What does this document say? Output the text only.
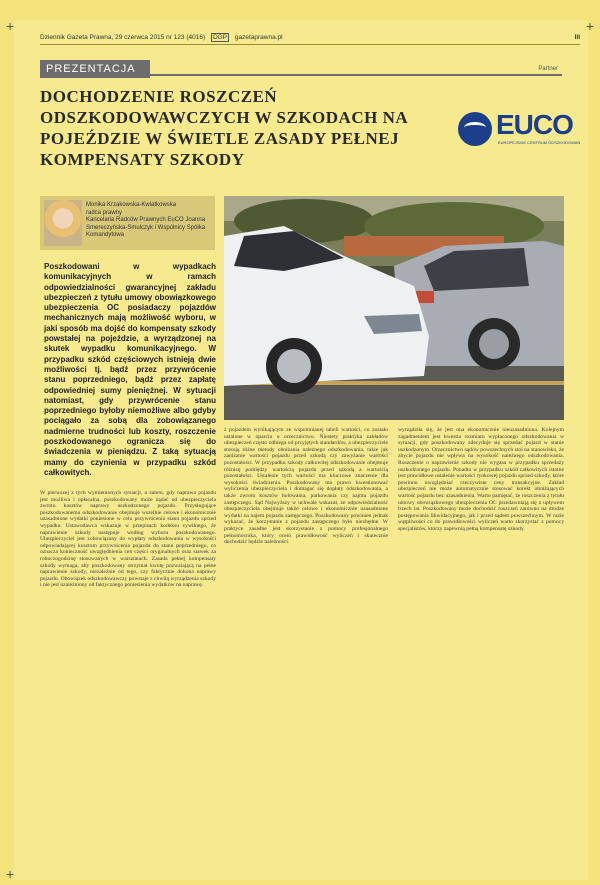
+	+
+
Dziennik Gazeta Prawna, 29 czerwca 2015 nr 123 (4016) DGP gazetaprawna.pl	III
PREZENTACJA	Partner
DOCHODZENIE ROSZCZEŃ ODSZKODOWAWCZYCH W SZKODACH NA POJEŹDZIE W ŚWIETLE ZASADY PEŁNEJ KOMPENSATY SZKODY
EUCO
EUROPEJSKIE CENTRUM ODSZKODOWAŃ
Monika Krzakowska-Kwiatkowska
radca prawny
Kancelaria Radców Prawnych EuCO Joanna Smereczyńska-Smulczyk i Wspólnicy Spółka Komandytowa
Poszkodowani w wypadkach komunikacyjnych w ramach odpowiedzialności gwarancyjnej zakładu ubezpieczeń z tytułu umowy obowiązkowego ubezpieczenia OC posiadaczy pojazdów mechanicznych mają możliwość wyboru, w jaki sposób ma dojść do kompensaty szkody powstałej na pojeździe, a wyrządzonej na skutek wypadku komunikacyjnego. W przypadku szkód częściowych istnieją dwie możliwości tj. bądź przez przywrócenie stanu poprzedniego, bądź przez zapłatę odpowiedniej sumy pieniężnej. W sytuacji natomiast, gdy przywrócenie stanu poprzedniego byłoby niemożliwe albo gdyby pociągało za sobą dla zobowiązanego nadmierne trudności lub koszty, roszczenie poszkodowanego ogranicza się do świadczenia w pieniądzu. Z taką sytuacją mamy do czynienia w przypadku szkód całkowitych.
W pierwszej z tych wymienionych sytuacji, a zatem, gdy naprawa pojazdu jest możliwa i opłacalna, poszkodowany może żądać od ubezpieczyciela zwrotu kosztów naprawy uszkodzonego pojazdu. Przysługujące poszkodowanemu odszkodowanie obejmuje wszelkie celowe i ekonomicznie uzasadnione wydatki poniesione w celu przywrócenia stanu pojazdu sprzed wypadku. Ustawodawca wskazuje w przepisach kodeksu cywilnego, że naprawienie szkody następuje według wyboru poszkodowanego. Ubezpieczyciel jest zobowiązany do wypłaty odszkodowania w wysokości odpowiadającej kosztom przywrócenia pojazdu do stanu poprzedniego, co oznacza konieczność uwzględnienia cen części oryginalnych oraz stawek za roboczogodzinę stosowanych w warsztatach. Zasada pełnej kompensaty szkody wymaga, aby poszkodowany otrzymał kwotę pozwalającą na pełne naprawienie szkody, niezależnie od tego, czy faktycznie dokona naprawy pojazdu. Obowiązek odszkodowawczy powstaje z chwilą wyrządzenia szkody i nie jest uzależniony od faktycznego poniesienia wydatków na naprawę.
z pojazdem wynikającym ze wspomnianej tabeli wartości, co zostało ustalone w oparciu o orzecznictwo. Niestety praktyka zakładów ubezpieczeń często odbiega od przyjętych standardów, a ubezpieczyciele stosują różne metody obniżania należnego odszkodowania, takie jak zaniżanie wartości pojazdu przed szkodą czy zawyżanie wartości pozostałości. W przypadku szkody całkowitej odszkodowanie obejmuje różnicę pomiędzy wartością pojazdu przed szkodą a wartością pozostałości. Ustalenie tych wartości ma kluczowe znaczenie dla wysokości świadczenia. Poszkodowany ma prawo kwestionować wyliczenia ubezpieczyciela i domagać się dopłaty odszkodowania, a także zwrotu kosztów holowania, parkowania czy najmu pojazdu zastępczego. Sąd Najwyższy w uchwale wskazał, że odpowiedzialność ubezpieczyciela obejmuje także celowe i ekonomicznie uzasadnione wydatki na najem pojazdu zastępczego. Poszkodowany powinien jednak wykazać, że korzystanie z pojazdu zastępczego było niezbędne. W praktyce zasadne jest skorzystanie z pomocy profesjonalnego pełnomocnika, który oceni prawidłowość wyliczeń i skutecznie dochodzić będzie należności.
wyrządziła się, że jest ona ekonomicznie nieuzasadniona. Kolejnym zagadnieniem jest kwestia rozmiaru wypłaconego odszkodowania w sytuacji, gdy poszkodowany zdecyduje się sprzedać pojazd w stanie uszkodzonym. Orzecznictwo sądów powszechnych stoi na stanowisku, że zbycie pojazdu nie wpływa na wysokość należnego odszkodowania. Roszczenie o naprawienie szkody nie wygasa w przypadku sprzedaży uszkodzonego pojazdu. Ponadto w przypadku szkód całkowitych istotne jest prawidłowe ustalenie wartości rynkowej pojazdu sprzed szkody, które powinno uwzględniać rzeczywiste ceny transakcyjne. Zakład ubezpieczeń nie może automatycznie stosować korekt obniżających wartość pojazdu bez uzasadnienia. Warto pamiętać, że roszczenia z tytułu umowy obowiązkowego ubezpieczenia OC przedawniają się z upływem trzech lat. Poszkodowany może dochodzić roszczeń zarówno na drodze postępowania likwidacyjnego, jak i przed sądem powszechnym. W razie wątpliwości co do prawidłowości wyliczeń warto skorzystać z pomocy specjalistów, którzy zapewnią pełną kompensatę szkody.
